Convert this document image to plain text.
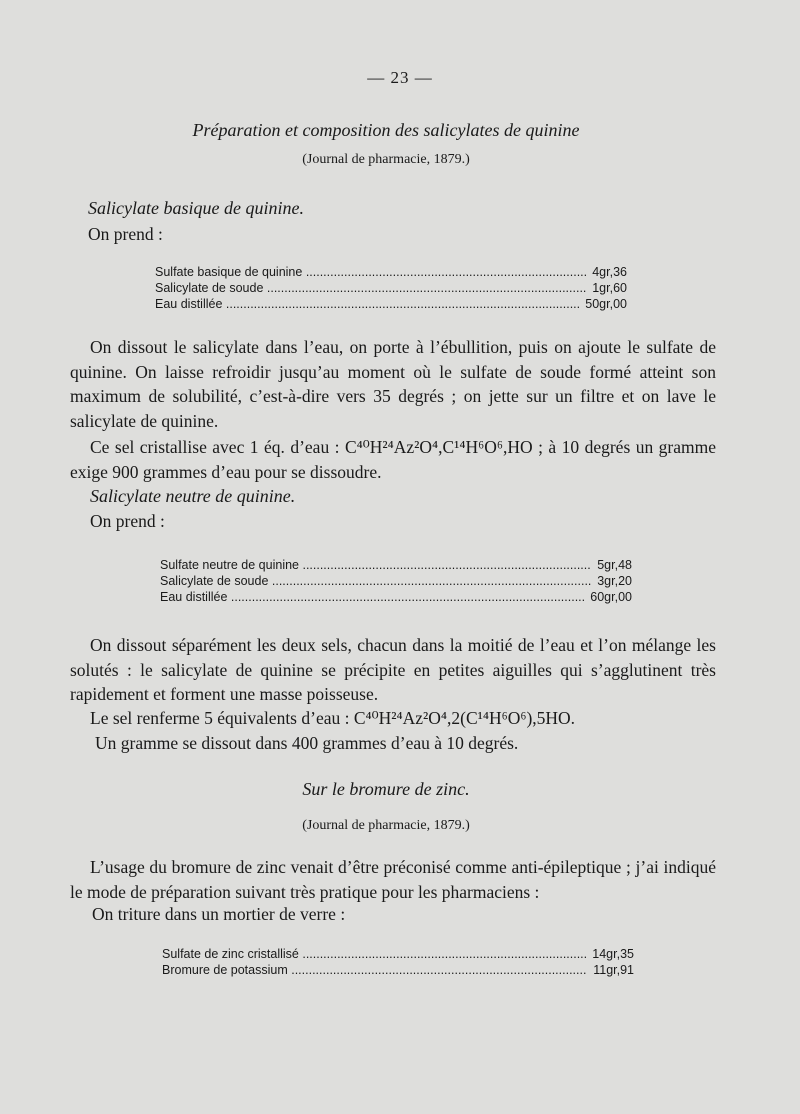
— 23 —
Préparation et composition des salicylates de quinine
(Journal de pharmacie, 1879.)
Salicylate basique de quinine.
On prend :
Sulfate basique de quinine .....	4gr,36
Salicylate de soude .....	1gr,60
Eau distillée .....	50gr,00
On dissout le salicylate dans l’eau, on porte à l’ébullition, puis on ajoute le sulfate de quinine. On laisse refroidir jusqu’au moment où le sulfate de soude formé atteint son maximum de solubilité, c’est-à-dire vers 35 degrés ; on jette sur un filtre et on lave le salicylate de quinine.
Ce sel cristallise avec 1 éq. d’eau : C⁴⁰H²⁴Az²O⁴,C¹⁴H⁶O⁶,HO ; à 10 degrés un gramme exige 900 grammes d’eau pour se dissoudre.
Salicylate neutre de quinine.
On prend :
Sulfate neutre de quinine .....	5gr,48
Salicylate de soude .....	3gr,20
Eau distillée .....	60gr,00
On dissout séparément les deux sels, chacun dans la moitié de l’eau et l’on mélange les solutés : le salicylate de quinine se précipite en petites aiguilles qui s’agglutinent très rapidement et forment une masse poisseuse.
Le sel renferme 5 équivalents d’eau : C⁴⁰H²⁴Az²O⁴,2(C¹⁴H⁶O⁶),5HO.
Un gramme se dissout dans 400 grammes d’eau à 10 degrés.
Sur le bromure de zinc.
(Journal de pharmacie, 1879.)
L’usage du bromure de zinc venait d’être préconisé comme anti-épileptique ; j’ai indiqué le mode de préparation suivant très pratique pour les pharmaciens :
On triture dans un mortier de verre :
Sulfate de zinc cristallisé .....	14gr,35
Bromure de potassium .....	11gr,91
